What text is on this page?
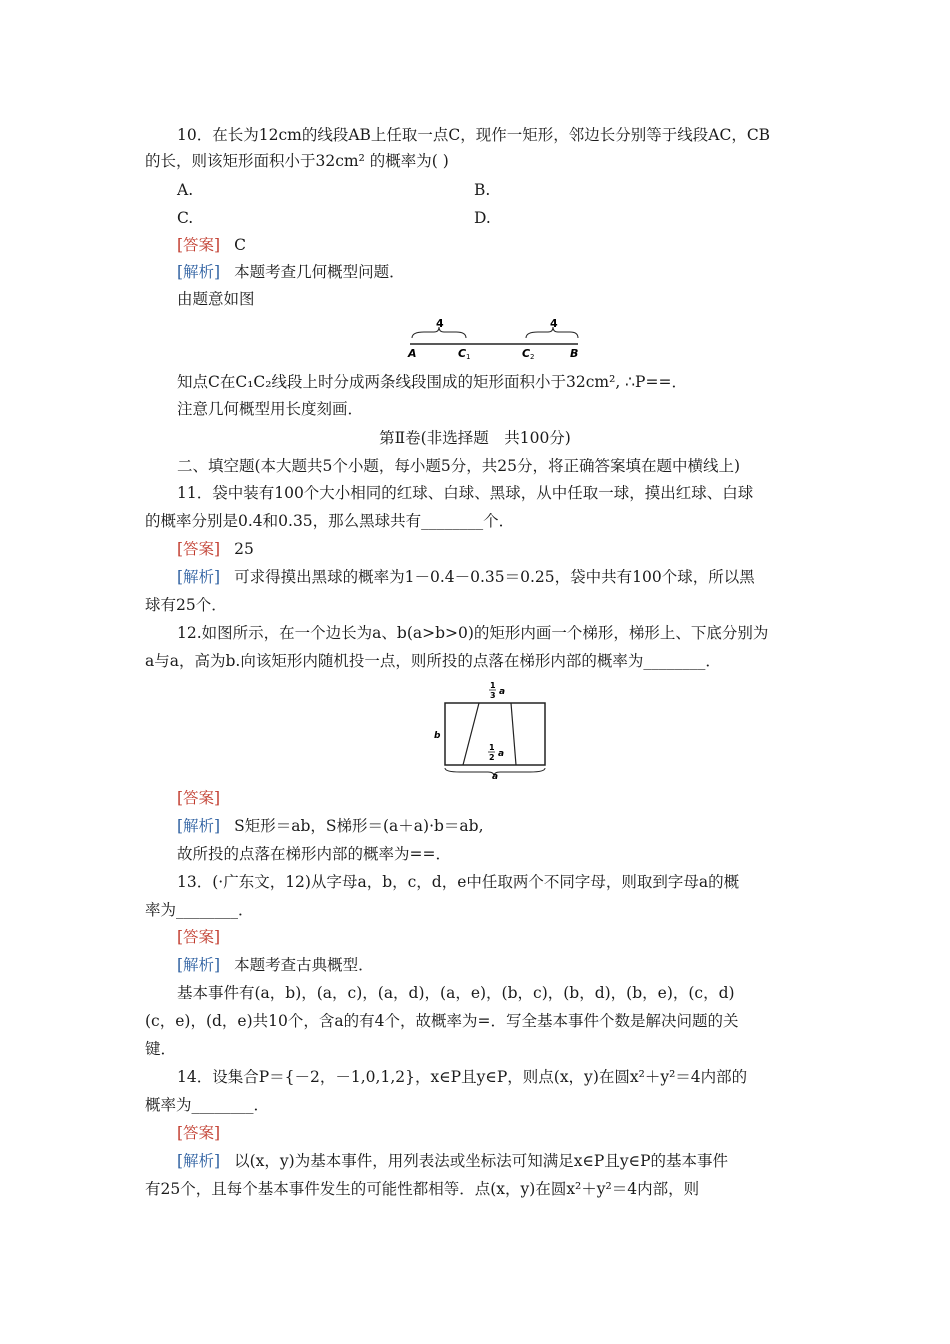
10．在长为12cm的线段AB上任取一点C，现作一矩形，邻边长分别等于线段AC，CB
的长，则该矩形面积小于32cm² 的概率为( )
A.	B.
C.	D.
[答案] C
[解析] 本题考查几何概型问题．
由题意如图
4	4
A	C 1	C 2	B
知点C在C₁C₂线段上时分成两条线段围成的矩形面积小于32cm², ∴P==．
注意几何概型用长度刻画．
第Ⅱ卷(非选择题　共100分)
二、填空题(本大题共5个小题，每小题5分，共25分，将正确答案填在题中横线上)
11．袋中装有100个大小相同的红球、白球、黑球，从中任取一球，摸出红球、白球
的概率分别是0.4和0.35，那么黑球共有________个．
[答案] 25
[解析] 可求得摸出黑球的概率为1－0.4－0.35＝0.25，袋中共有100个球，所以黑
球有25个．
12.如图所示，在一个边长为a、b(a>b>0)的矩形内画一个梯形，梯形上、下底分别为
a与a，高为b.向该矩形内随机投一点，则所投的点落在梯形内部的概率为________．
1
3 a
1
2 a
b
a
[答案]
[解析] S矩形＝ab，S梯形＝(a＋a)·b＝ab,
故所投的点落在梯形内部的概率为==．
13．(·广东文，12)从字母a，b，c，d，e中任取两个不同字母，则取到字母a的概
率为________．
[答案]
[解析] 本题考查古典概型．
基本事件有(a，b)，(a，c)，(a，d)，(a，e)，(b，c)，(b，d)，(b，e)，(c，d)
(c，e)，(d，e)共10个，含a的有4个，故概率为=．写全基本事件个数是解决问题的关
键．
14．设集合P＝{－2，－1,0,1,2}，x∈P且y∈P，则点(x，y)在圆x²＋y²＝4内部的
概率为________．
[答案]
[解析] 以(x，y)为基本事件，用列表法或坐标法可知满足x∈P且y∈P的基本事件
有25个，且每个基本事件发生的可能性都相等．点(x，y)在圆x²＋y²＝4内部，则
